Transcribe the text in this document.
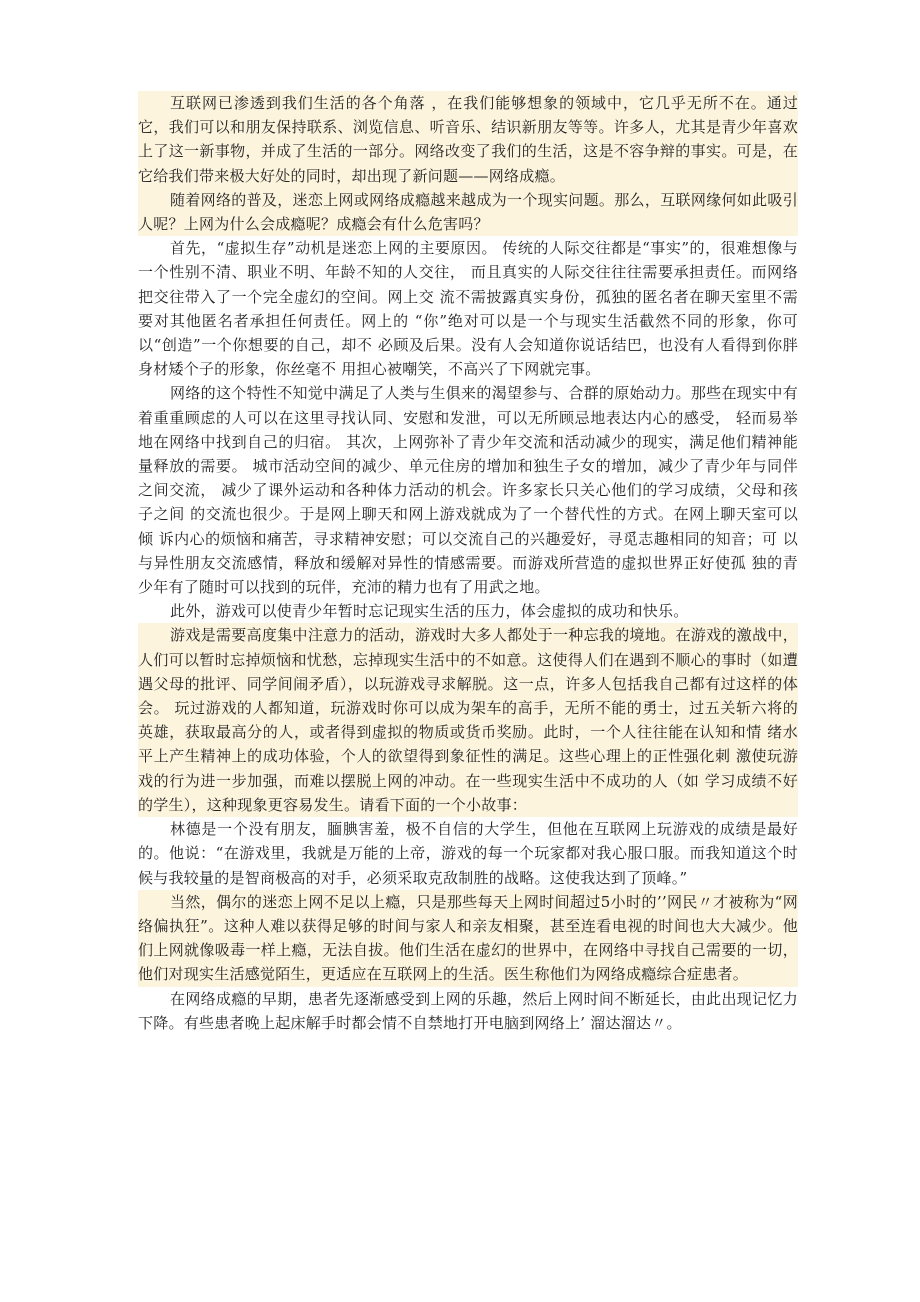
互联网已渗透到我们生活的各个角落 ，在我们能够想象的领域中，它几乎无所不在。通过它，我们可以和朋友保持联系、浏览信息、听音乐、结识新朋友等等。许多人，尤其是青少年喜欢上了这一新事物，并成了生活的一部分。网络改变了我们的生活，这是不容争辩的事实。可是，在它给我们带来极大好处的同时，却出现了新问题——网络成瘾。

随着网络的普及，迷恋上网或网络成瘾越来越成为一个现实问题。那么，互联网缘何如此吸引人呢？上网为什么会成瘾呢？成瘾会有什么危害吗？

首先，“虚拟生存”动机是迷恋上网的主要原因。 传统的人际交往都是“事实”的，很难想像与一个性别不清、职业不明、年龄不知的人交往， 而且真实的人际交往往往需要承担责任。而网络把交往带入了一个完全虚幻的空间。网上交 流不需披露真实身份，孤独的匿名者在聊天室里不需要对其他匿名者承担任何责任。网上的 “你”绝对可以是一个与现实生活截然不同的形象，你可以“创造”一个你想要的自己，却不 必顾及后果。没有人会知道你说话结巴，也没有人看得到你胖身材矮个子的形象，你丝毫不 用担心被嘲笑，不高兴了下网就完事。

网络的这个特性不知觉中满足了人类与生俱来的渴望参与、合群的原始动力。那些在现实中有着重重顾虑的人可以在这里寻找认同、安慰和发泄，可以无所顾忌地表达内心的感受， 轻而易举地在网络中找到自己的归宿。 其次，上网弥补了青少年交流和活动减少的现实，满足他们精神能量释放的需要。 城市活动空间的减少、单元住房的增加和独生子女的增加，减少了青少年与同伴之间交流， 减少了课外运动和各种体力活动的机会。许多家长只关心他们的学习成绩，父母和孩子之间 的交流也很少。于是网上聊天和网上游戏就成为了一个替代性的方式。在网上聊天室可以倾 诉内心的烦恼和痛苦，寻求精神安慰；可以交流自己的兴趣爱好，寻觅志趣相同的知音；可 以与异性朋友交流感情，释放和缓解对异性的情感需要。而游戏所营造的虚拟世界正好使孤 独的青少年有了随时可以找到的玩伴，充沛的精力也有了用武之地。

此外，游戏可以使青少年暂时忘记现实生活的压力，体会虚拟的成功和快乐。

游戏是需要高度集中注意力的活动，游戏时大多人都处于一种忘我的境地。在游戏的激战中，人们可以暂时忘掉烦恼和忧愁，忘掉现实生活中的不如意。这使得人们在遇到不顺心的事时（如遭遇父母的批评、同学间闹矛盾），以玩游戏寻求解脱。这一点，许多人包括我自己都有过这样的体会。 玩过游戏的人都知道，玩游戏时你可以成为架车的高手，无所不能的勇士，过五关斩六将的 英雄，获取最高分的人，或者得到虚拟的物质或货币奖励。此时，一个人往往能在认知和情 绪水平上产生精神上的成功体验，个人的欲望得到象征性的满足。这些心理上的正性强化刺 激使玩游戏的行为进一步加强，而难以摆脱上网的冲动。在一些现实生活中不成功的人（如 学习成绩不好的学生），这种现象更容易发生。请看下面的一个小故事：

林德是一个没有朋友，腼腆害羞，极不自信的大学生，但他在互联网上玩游戏的成绩是最好的。他说：“在游戏里，我就是万能的上帝，游戏的每一个玩家都对我心服口服。而我知道这个时候与我较量的是智商极高的对手，必须采取克敌制胜的战略。这使我达到了顶峰。”

当然，偶尔的迷恋上网不足以上瘾，只是那些每天上网时间超过5小时的’’网民〃才被称为“网络偏执狂”。这种人难以获得足够的时间与家人和亲友相聚，甚至连看电视的时间也大大减少。他们上网就像吸毒一样上瘾，无法自拔。他们生活在虚幻的世界中，在网络中寻找自己需要的一切，他们对现实生活感觉陌生，更适应在互联网上的生活。医生称他们为网络成瘾综合症患者。

在网络成瘾的早期，患者先逐渐感受到上网的乐趣，然后上网时间不断延长，由此出现记忆力下降。有些患者晚上起床解手时都会情不自禁地打开电脑到网络上’ 溜达溜达〃。
